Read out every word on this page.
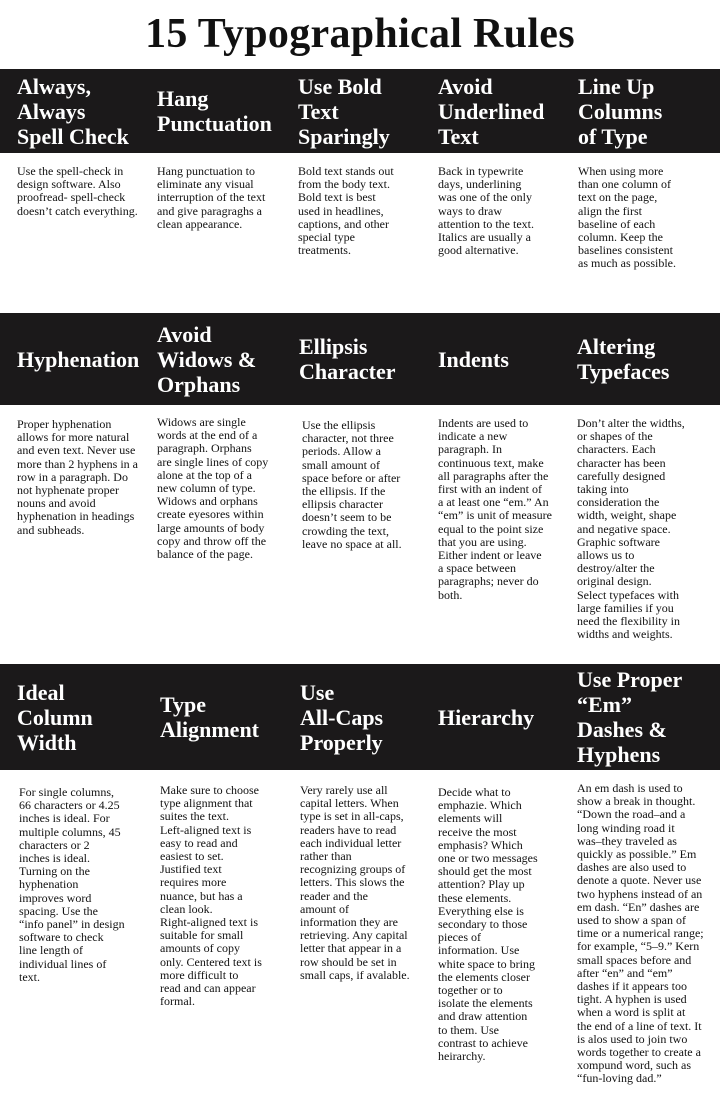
15 Typographical Rules
Always,
Always
Spell Check

Use the spell-check in
design software. Also
proofread- spell-check
doesn’t catch everything.

Hang
Punctuation

Hang punctuation to
eliminate any visual
interruption of the text
and give paragraghs a
clean appearance.

Use Bold
Text
Sparingly

Bold text stands out
from the body text.
Bold text is best
used in headlines,
captions, and other
special type
treatments.

Avoid
Underlined
Text

Back in typewrite
days, underlining
was one of the only
ways to draw
attention to the text.
Italics are usually a
good alternative.

Line Up
Columns
of Type

When using more
than one column of
text on the page,
align the first
baseline of each
column. Keep the
baselines consistent
as much as possible.

Hyphenation

Proper hyphenation
allows for more natural
and even text. Never use
more than 2 hyphens in a
row in a paragraph. Do
not hyphenate proper
nouns and avoid
hyphenation in headings
and subheads.

Avoid
Widows &
Orphans

Widows are single
words at the end of a
paragraph. Orphans
are single lines of copy
alone at the top of a
new column of type.
Widows and orphans
create eyesores within
large amounts of body
copy and throw off the
balance of the page.

Ellipsis
Character

Use the ellipsis
character, not three
periods. Allow a
small amount of
space before or after
the ellipsis. If the
ellipsis character
doesn’t seem to be
crowding the text,
leave no space at all.

Indents

Indents are used to
indicate a new
paragraph. In
continuous text, make
all paragraphs after the
first with an indent of
a at least one “em.” An
“em” is unit of measure
equal to the point size
that you are using.
Either indent or leave
a space between
paragraphs; never do
both.

Altering
Typefaces

Don’t alter the widths,
or shapes of the
characters. Each
character has been
carefully designed
taking into
consideration the
width, weight, shape
and negative space.
Graphic software
allows us to
destroy/alter the
original design.
Select typefaces with
large families if you
need the flexibility in
widths and weights.

Ideal
Column
Width

For single columns,
66 characters or 4.25
inches is ideal. For
multiple columns, 45
characters or 2
inches is ideal.
Turning on the
hyphenation
improves word
spacing. Use the
“info panel” in design
software to check
line length of
individual lines of
text.

Type
Alignment

Make sure to choose
type alignment that
suites the text.
Left-aligned text is
easy to read and
easiest to set.
Justified text
requires more
nuance, but has a
clean look.
Right-aligned text is
suitable for small
amounts of copy
only. Centered text is
more difficult to
read and can appear
formal.

Use
All-Caps
Properly

Very rarely use all
capital letters. When
type is set in all-caps,
readers have to read
each individual letter
rather than
recognizing groups of
letters. This slows the
reader and the
amount of
information they are
retrieving. Any capital
letter that appear in a
row should be set in
small caps, if avalable.

Hierarchy

Decide what to
emphazie. Which
elements will
receive the most
emphasis? Which
one or two messages
should get the most
attention? Play up
these elements.
Everything else is
secondary to those
pieces of
information. Use
white space to bring
the elements closer
together or to
isolate the elements
and draw attention
to them. Use
contrast to achieve
heirarchy.

Use Proper
“Em”
Dashes &
Hyphens

An em dash is used to
show a break in thought.
“Down the road–and a
long winding road it
was–they traveled as
quickly as possible.” Em
dashes are also used to
denote a quote. Never use
two hyphens instead of an
em dash. “En” dashes are
used to show a span of
time or a numerical range;
for example, “5–9.” Kern
small spaces before and
after “en” and “em”
dashes if it appears too
tight. A hyphen is used
when a word is split at
the end of a line of text. It
is alos used to join two
words together to create a
xompund word, such as
“fun-loving dad.”
